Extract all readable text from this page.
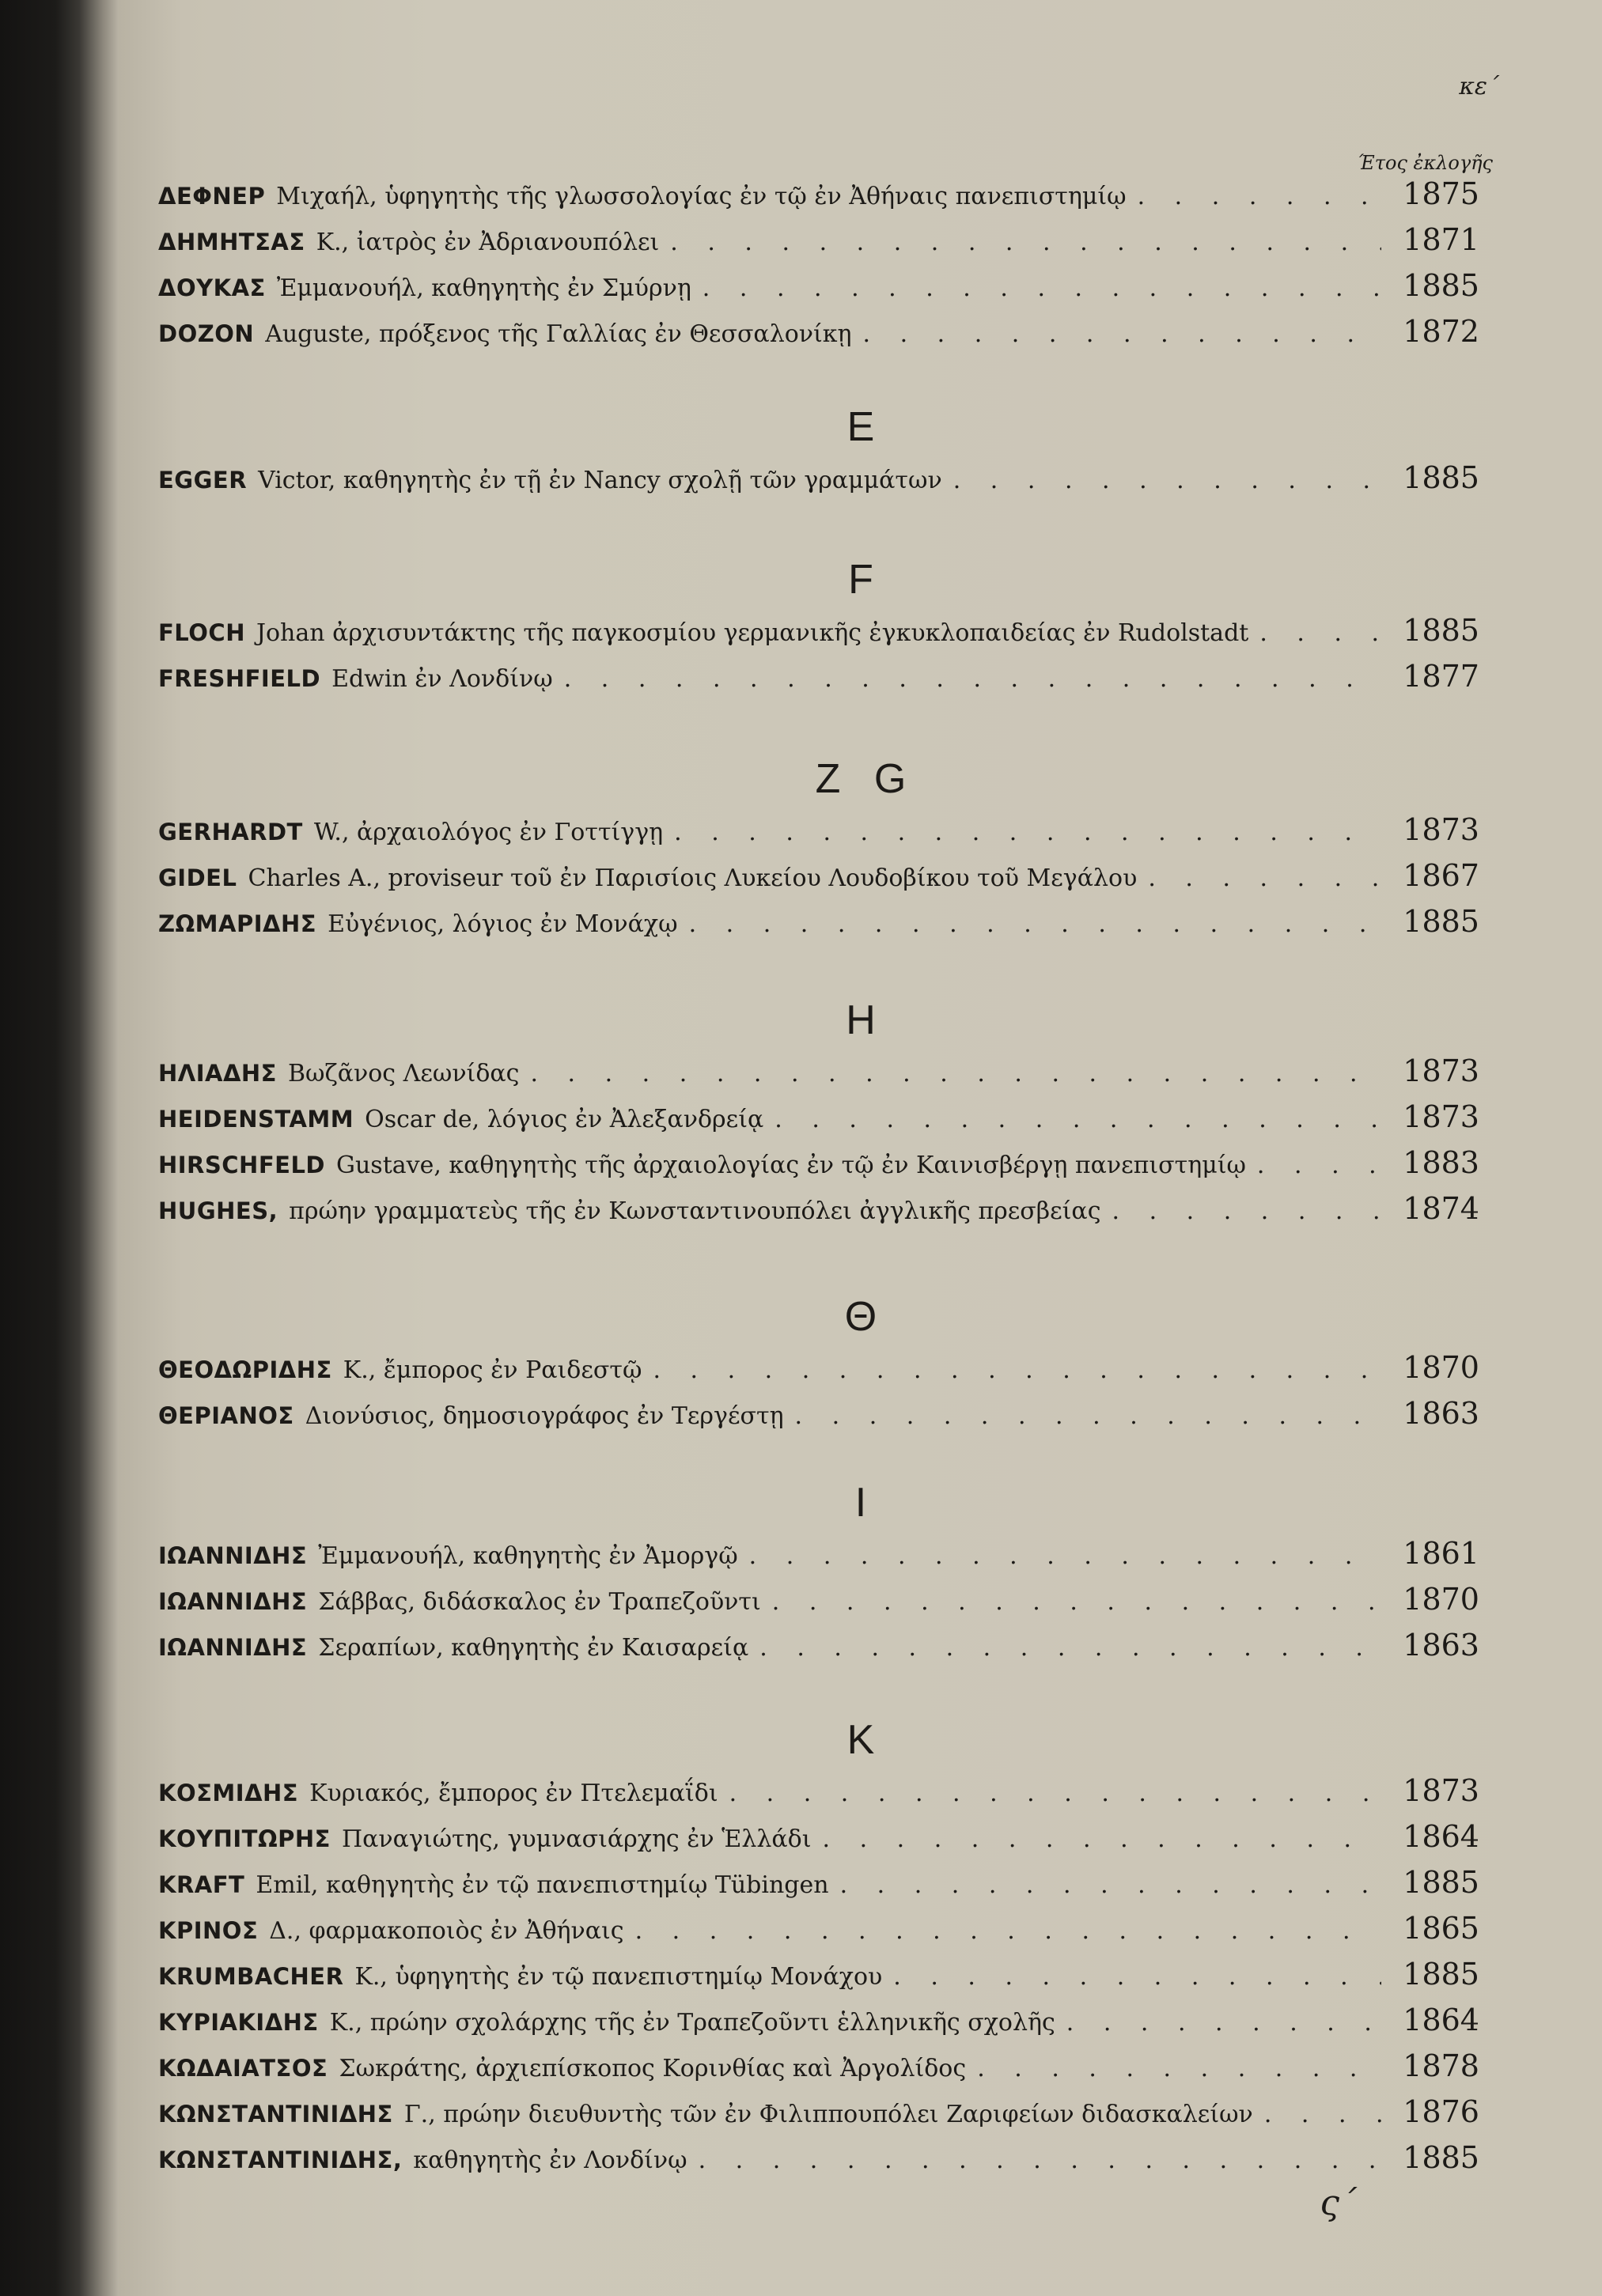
κε΄
Έτος ἐκλογῆς
ς΄
ΔΕΦΝΕΡ Μιχαήλ, ὑφηγητὴς τῆς γλωσσολογίας ἐν τῷ ἐν Ἀθήναις πανεπιστημίῳ . . .	1875
ΔΗΜΗΤΣΑΣ Κ., ἰατρὸς ἐν Ἀδριανουπόλει . . .	1871
ΔΟΥΚΑΣ Ἐμμανουήλ, καθηγητὴς ἐν Σμύρνῃ . . .	1885
DOZON Auguste, πρόξενος τῆς Γαλλίας ἐν Θεσσαλονίκῃ . . .	1872
E
EGGER Victor, καθηγητὴς ἐν τῇ ἐν Nancy σχολῇ τῶν γραμμάτων . . .	1885
F
FLOCH Johan ἀρχισυντάκτης τῆς παγκοσμίου γερμανικῆς ἐγκυκλοπαιδείας ἐν Rudolstadt . . .	1885
FRESHFIELD Edwin ἐν Λονδίνῳ . . .	1877
Z G
GERHARDT W., ἀρχαιολόγος ἐν Γοττίγγῃ . . .	1873
GIDEL Charles A., proviseur τοῦ ἐν Παρισίοις Λυκείου Λουδοβίκου τοῦ Μεγάλου . . .	1867
ΖΩΜΑΡΙΔΗΣ Εὐγένιος, λόγιος ἐν Μονάχῳ . . .	1885
H
ΗΛΙΑΔΗΣ Βωζᾶνος Λεωνίδας . . .	1873
HEIDENSTAMM Oscar de, λόγιος ἐν Ἀλεξανδρείᾳ . . .	1873
HIRSCHFELD Gustave, καθηγητὴς τῆς ἀρχαιολογίας ἐν τῷ ἐν Καινισβέργῃ πανεπιστημίῳ . . .	1883
HUGHES, πρώην γραμματεὺς τῆς ἐν Κωνσταντινουπόλει ἀγγλικῆς πρεσβείας . . .	1874
Θ
ΘΕΟΔΩΡΙΔΗΣ Κ., ἔμπορος ἐν Ραιδεστῷ . . .	1870
ΘΕΡΙΑΝΟΣ Διονύσιος, δημοσιογράφος ἐν Τεργέστῃ . . .	1863
I
ΙΩΑΝΝΙΔΗΣ Ἐμμανουήλ, καθηγητὴς ἐν Ἀμοργῷ . . .	1861
ΙΩΑΝΝΙΔΗΣ Σάββας, διδάσκαλος ἐν Τραπεζοῦντι . . .	1870
ΙΩΑΝΝΙΔΗΣ Σεραπίων, καθηγητὴς ἐν Καισαρείᾳ . . .	1863
K
ΚΟΣΜΙΔΗΣ Κυριακός, ἔμπορος ἐν Πτελεμαΐδι . . .	1873
ΚΟΥΠΙΤΩΡΗΣ Παναγιώτης, γυμνασιάρχης ἐν Ἑλλάδι . . .	1864
KRAFT Emil, καθηγητὴς ἐν τῷ πανεπιστημίῳ Tübingen . . .	1885
ΚΡΙΝΟΣ Δ., φαρμακοποιὸς ἐν Ἀθήναις . . .	1865
KRUMBACHER K., ὑφηγητὴς ἐν τῷ πανεπιστημίῳ Μονάχου . . .	1885
ΚΥΡΙΑΚΙΔΗΣ Κ., πρώην σχολάρχης τῆς ἐν Τραπεζοῦντι ἑλληνικῆς σχολῆς . . .	1864
ΚΩΔΑΙΑΤΣΟΣ Σωκράτης, ἀρχιεπίσκοπος Κορινθίας καὶ Ἀργολίδος . . .	1878
ΚΩΝΣΤΑΝΤΙΝΙΔΗΣ Γ., πρώην διευθυντὴς τῶν ἐν Φιλιππουπόλει Ζαριφείων διδασκαλείων . . .	1876
ΚΩΝΣΤΑΝΤΙΝΙΔΗΣ, καθηγητὴς ἐν Λονδίνῳ . . .	1885
